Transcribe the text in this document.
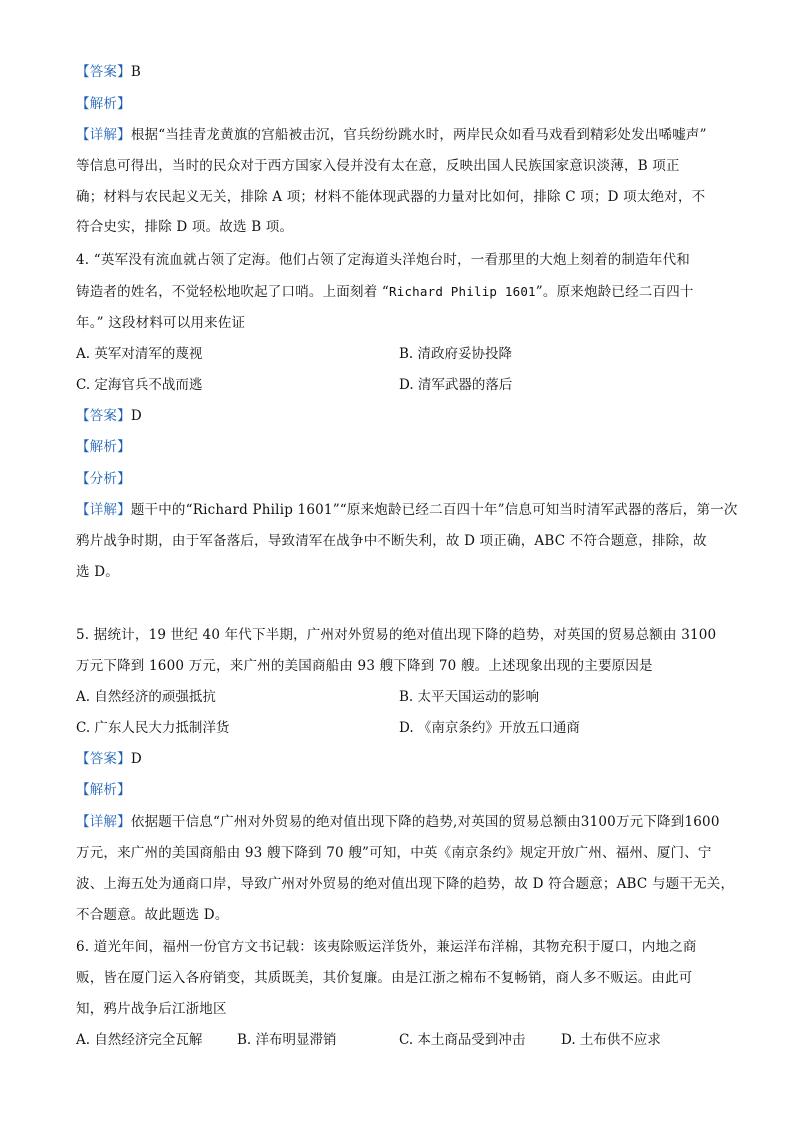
【答案】B
【解析】
【详解】根据“当挂青龙黄旗的宫船被击沉，官兵纷纷跳水时，两岸民众如看马戏看到精彩处发出唏嘘声”
等信息可得出，当时的民众对于西方国家入侵并没有太在意，反映出国人民族国家意识淡薄，B 项正
确；材料与农民起义无关，排除 A 项；材料不能体现武器的力量对比如何，排除 C 项；D 项太绝对，不
符合史实，排除 D 项。故选 B 项。
4. “英军没有流血就占领了定海。他们占领了定海道头洋炮台时，一看那里的大炮上刻着的制造年代和
铸造者的姓名，不觉轻松地吹起了口哨。上面刻着 “Richard Philip 1601”。原来炮龄已经二百四十
年。” 这段材料可以用来佐证
A. 英军对清军的蔑视	B. 清政府妥协投降
C. 定海官兵不战而逃	D. 清军武器的落后
【答案】D
【解析】
【分析】
【详解】题干中的“Richard Philip 1601”“原来炮龄已经二百四十年”信息可知当时清军武器的落后，第一次
鸦片战争时期，由于军备落后，导致清军在战争中不断失利，故 D 项正确，ABC 不符合题意，排除，故
选 D。
5. 据统计，19 世纪 40 年代下半期，广州对外贸易的绝对值出现下降的趋势，对英国的贸易总额由 3100
万元下降到 1600 万元，来广州的美国商船由 93 艘下降到 70 艘。上述现象出现的主要原因是
A. 自然经济的顽强抵抗	B. 太平天国运动的影响
C. 广东人民大力抵制洋货	D. 《南京条约》开放五口通商
【答案】D
【解析】
【详解】依据题干信息“广州对外贸易的绝对值出现下降的趋势,对英国的贸易总额由3100万元下降到1600
万元，来广州的美国商船由 93 艘下降到 70 艘”可知，中英《南京条约》规定开放广州、福州、厦门、宁
波、上海五处为通商口岸，导致广州对外贸易的绝对值出现下降的趋势，故 D 符合题意；ABC 与题干无关，
不合题意。故此题选 D。
6. 道光年间，福州一份官方文书记载：该夷除贩运洋货外，兼运洋布洋棉，其物充积于厦口，内地之商
贩，皆在厦门运入各府销变，其质既美，其价复廉。由是江浙之棉布不复畅销，商人多不贩运。由此可
知，鸦片战争后江浙地区
A. 自然经济完全瓦解	B. 洋布明显滞销	C. 本土商品受到冲击	D. 土布供不应求
